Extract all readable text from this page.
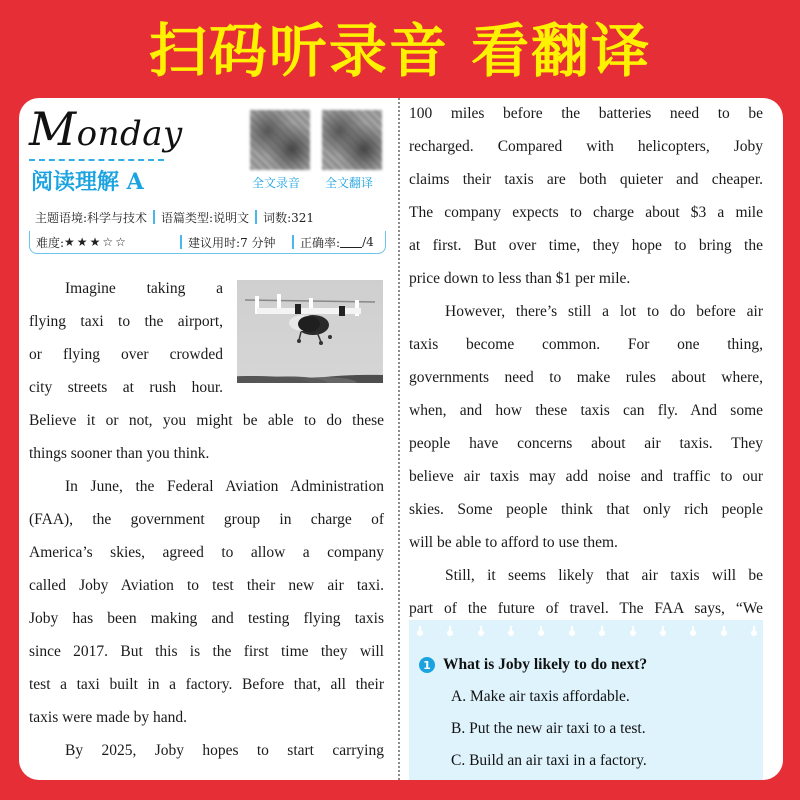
扫码听录音 看翻译
Monday
阅读理解 A	全文录音 全文翻译
主题语境:科学与技术 语篇类型:说明文 词数:321
难度: ★★★☆☆	建议用时:7 分钟	正确率: /4
Imagine taking a
flying taxi to the airport,
or flying over crowded
city streets at rush hour.
Believe it or not, you might be able to do these
things sooner than you think.
In June, the Federal Aviation Administration
(FAA), the government group in charge of
America’s skies, agreed to allow a company
called Joby Aviation to test their new air taxi.
Joby has been making and testing flying taxis
since 2017. But this is the first time they will
test a taxi built in a factory. Before that, all their
taxis were made by hand.
By 2025, Joby hopes to start carrying
100 miles before the batteries need to be
recharged. Compared with helicopters, Joby
claims their taxis are both quieter and cheaper.
The company expects to charge about $3 a mile
at first. But over time, they hope to bring the
price down to less than $1 per mile.
However, there’s still a lot to do before air
taxis become common. For one thing,
governments need to make rules about where,
when, and how these taxis can fly. And some
people have concerns about air taxis. They
believe air taxis may add noise and traffic to our
skies. Some people think that only rich people
will be able to afford to use them.
Still, it seems likely that air taxis will be
part of the future of travel. The FAA says, “We
1 What is Joby likely to do next?
A. Make air taxis affordable.
B. Put the new air taxi to a test.
C. Build an air taxi in a factory.
